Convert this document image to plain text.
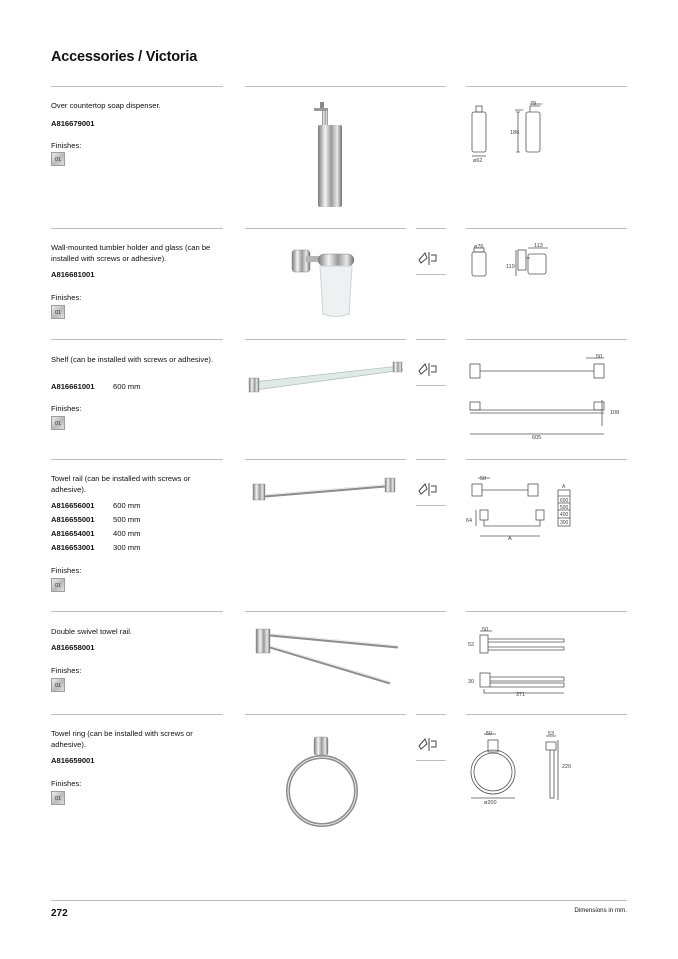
Accessories / Victoria
Over countertop soap dispenser.
A816679001
Finishes:
01
79
186
ø62
Wall-mounted tumbler holder and glass (can be installed with screws or adhesive).
A816681001
Finishes:
01
ø76	113
119
Shelf (can be installed with screws or adhesive).
A816661001 600 mm
Finishes:
01
50
108
605
Towel rail (can be installed with screws or adhesive).
A816656001 600 mm
A816655001 500 mm
A816654001 400 mm
A816653001 300 mm
Finishes:
01
50
64
A
A
600
500
400
300
Double swivel towel rail.
A816658001
Finishes:
01
50
52
30
371
Towel ring (can be installed with screws or adhesive).
A816659001
Finishes:
01
50
ø200
53
220
272	Dimensions in mm.
